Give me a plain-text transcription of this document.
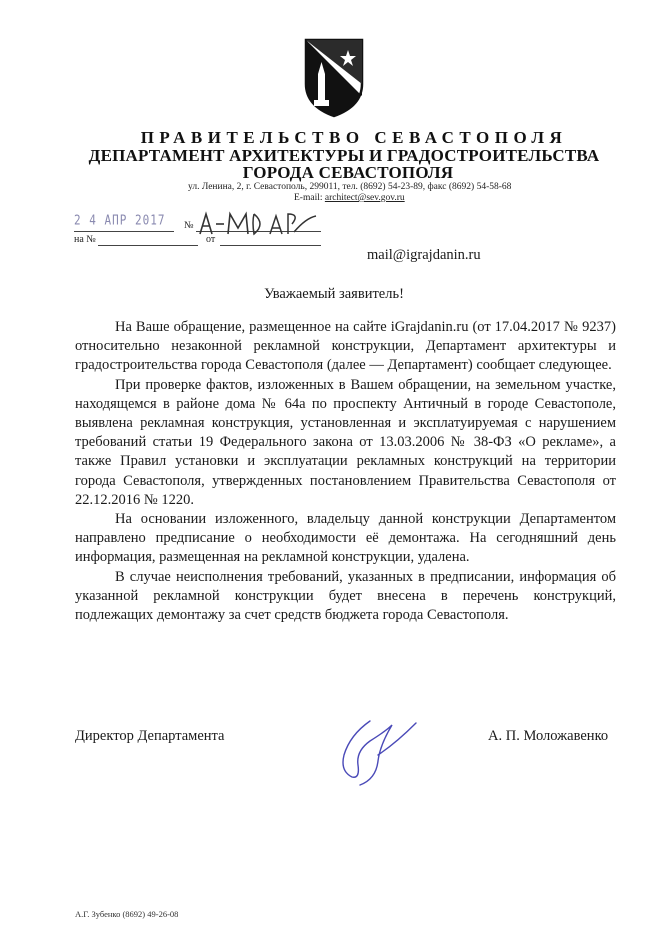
ПРАВИТЕЛЬСТВО СЕВАСТОПОЛЯ
ДЕПАРТАМЕНТ АРХИТЕКТУРЫ И ГРАДОСТРОИТЕЛЬСТВА
ГОРОДА СЕВАСТОПОЛЯ
ул. Ленина, 2, г. Севастополь, 299011, тел. (8692) 54-23-89, факс (8692) 54-58-68
E-mail: architect@sev.gov.ru
2 4 АПР 2017 №
на №	от
mail@igrajdanin.ru
Уважаемый заявитель!

На Ваше обращение, размещенное на сайте iGrajdanin.ru (от 17.04.2017 № 9237) относительно незаконной рекламной конструкции, Департамент архитектуры и градостроительства города Севастополя (далее — Департамент) сообщает следующее.

При проверке фактов, изложенных в Вашем обращении, на земельном участке, находящемся в районе дома № 64а по проспекту Античный в городе Севастополе, выявлена рекламная конструкция, установленная и эксплатуируемая с нарушением требований статьи 19 Федерального закона от 13.03.2006 № 38-ФЗ «О рекламе», а также Правил установки и эксплуатации рекламных конструкций на территории города Севастополя, утвержденных постановлением Правительства Севастополя от 22.12.2016 № 1220.

На основании изложенного, владельцу данной конструкции Департаментом направлено предписание о необходимости её демонтажа. На сегодняшний день информация, размещенная на рекламной конструкции, удалена.

В случае неисполнения требований, указанных в предписании, информация об указанной рекламной конструкции будет внесена в перечень конструкций, подлежащих демонтажу за счет средств бюджета города Севастополя.

Директор Департамента	А. П. Моложавенко
А.Г. Зубенко (8692) 49-26-08
